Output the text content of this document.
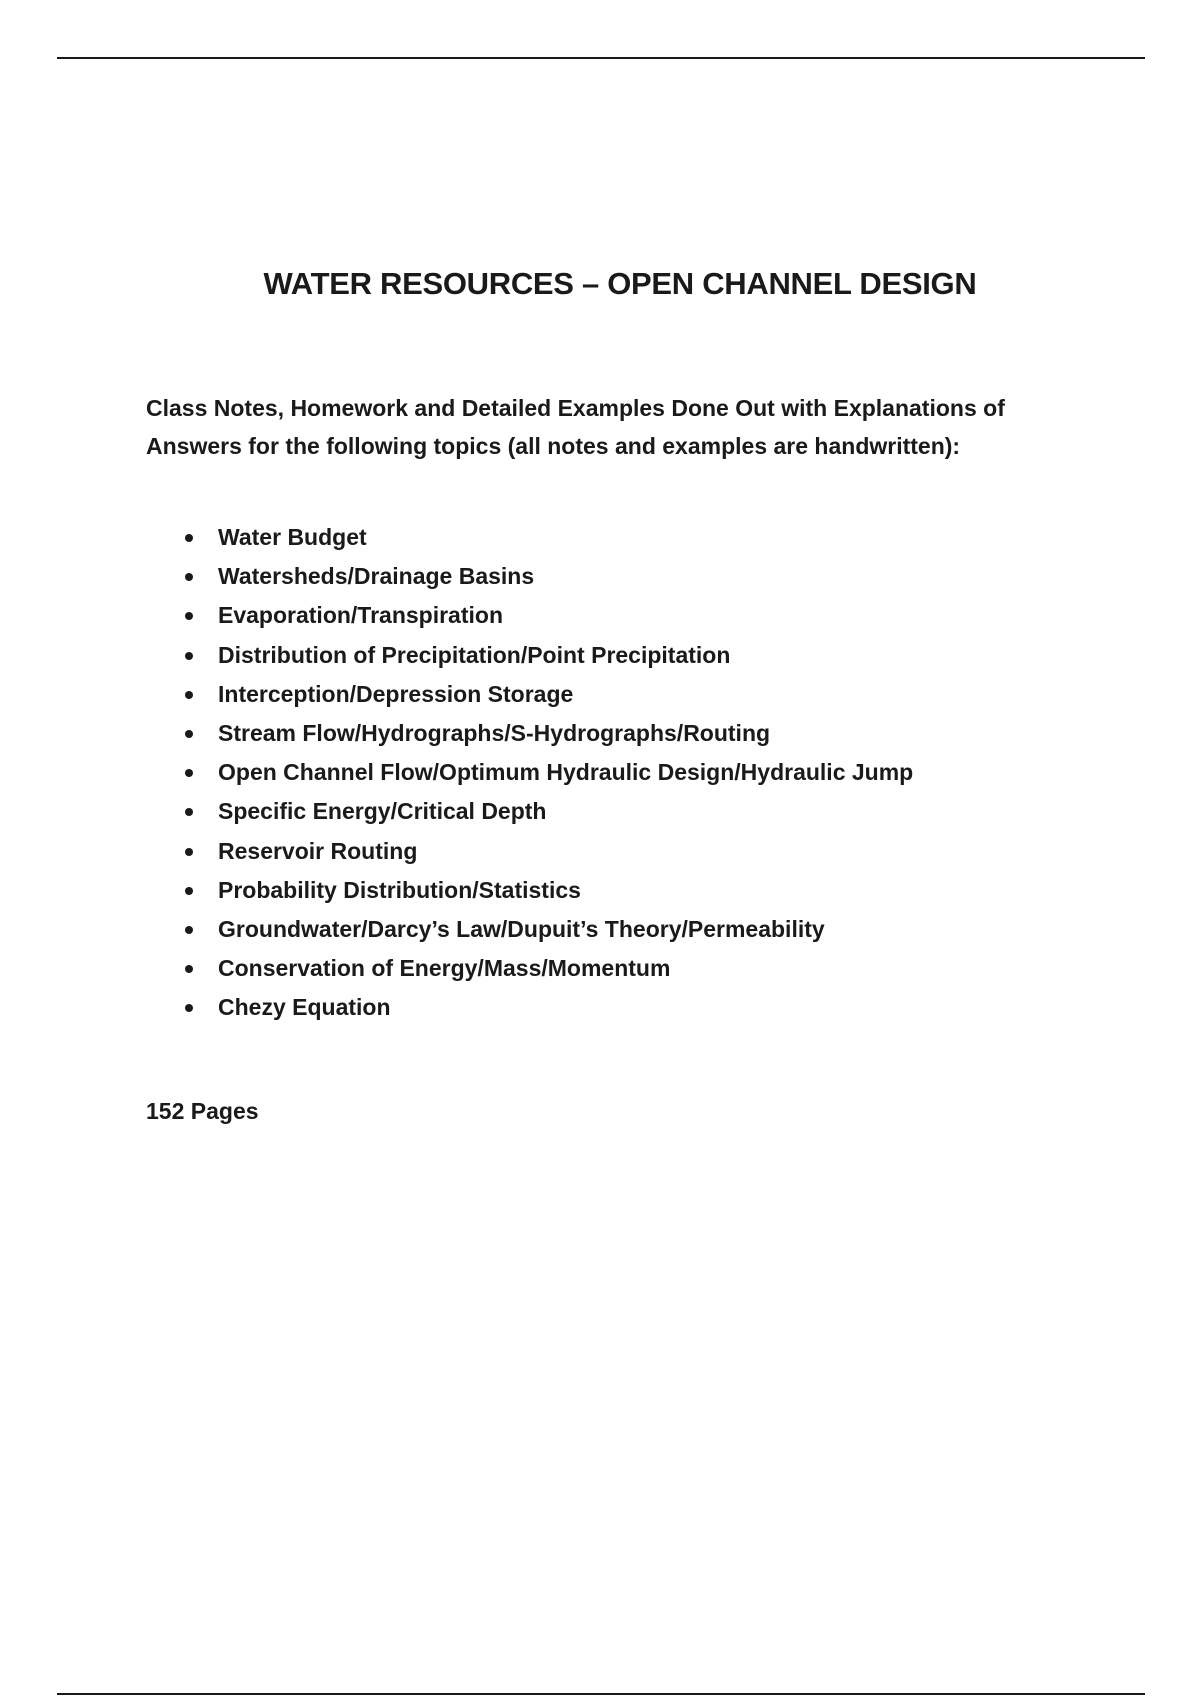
WATER RESOURCES – OPEN CHANNEL DESIGN

Class Notes, Homework and Detailed Examples Done Out with Explanations of Answers for the following topics (all notes and examples are handwritten):

Water Budget
Watersheds/Drainage Basins
Evaporation/Transpiration
Distribution of Precipitation/Point Precipitation
Interception/Depression Storage
Stream Flow/Hydrographs/S-Hydrographs/Routing
Open Channel Flow/Optimum Hydraulic Design/Hydraulic Jump
Specific Energy/Critical Depth
Reservoir Routing
Probability Distribution/Statistics
Groundwater/Darcy’s Law/Dupuit’s Theory/Permeability
Conservation of Energy/Mass/Momentum
Chezy Equation

152 Pages
